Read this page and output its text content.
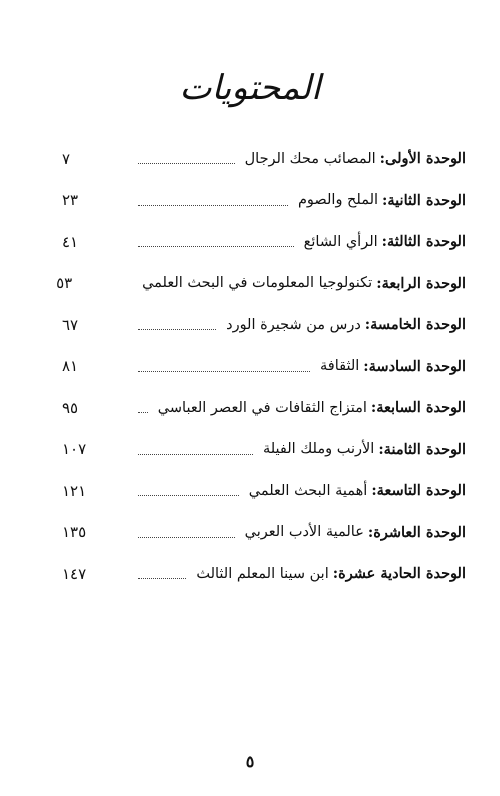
المحتويات
الوحدة الأولى
:
المصائب محك الرجال
٧
الوحدة الثانية
:
الملح والصوم
٢٣
الوحدة الثالثة
:
الرأي الشائع
٤١
الوحدة الرابعة
:
تكنولوجيا المعلومات في البحث العلمي
٥٣
الوحدة الخامسة
:
درس من شجيرة الورد
٦٧
الوحدة السادسة
:
الثقافة
٨١
الوحدة السابعة
:
امتزاج الثقافات في العصر العباسي
٩٥
الوحدة الثامنة
:
الأرنب وملك الفيلة
١٠٧
الوحدة التاسعة
:
أهمية البحث العلمي
١٢١
الوحدة العاشرة
:
عالمية الأدب العربي
١٣٥
الوحدة الحادية عشرة
:
ابن سينا المعلم الثالث
١٤٧
٥
